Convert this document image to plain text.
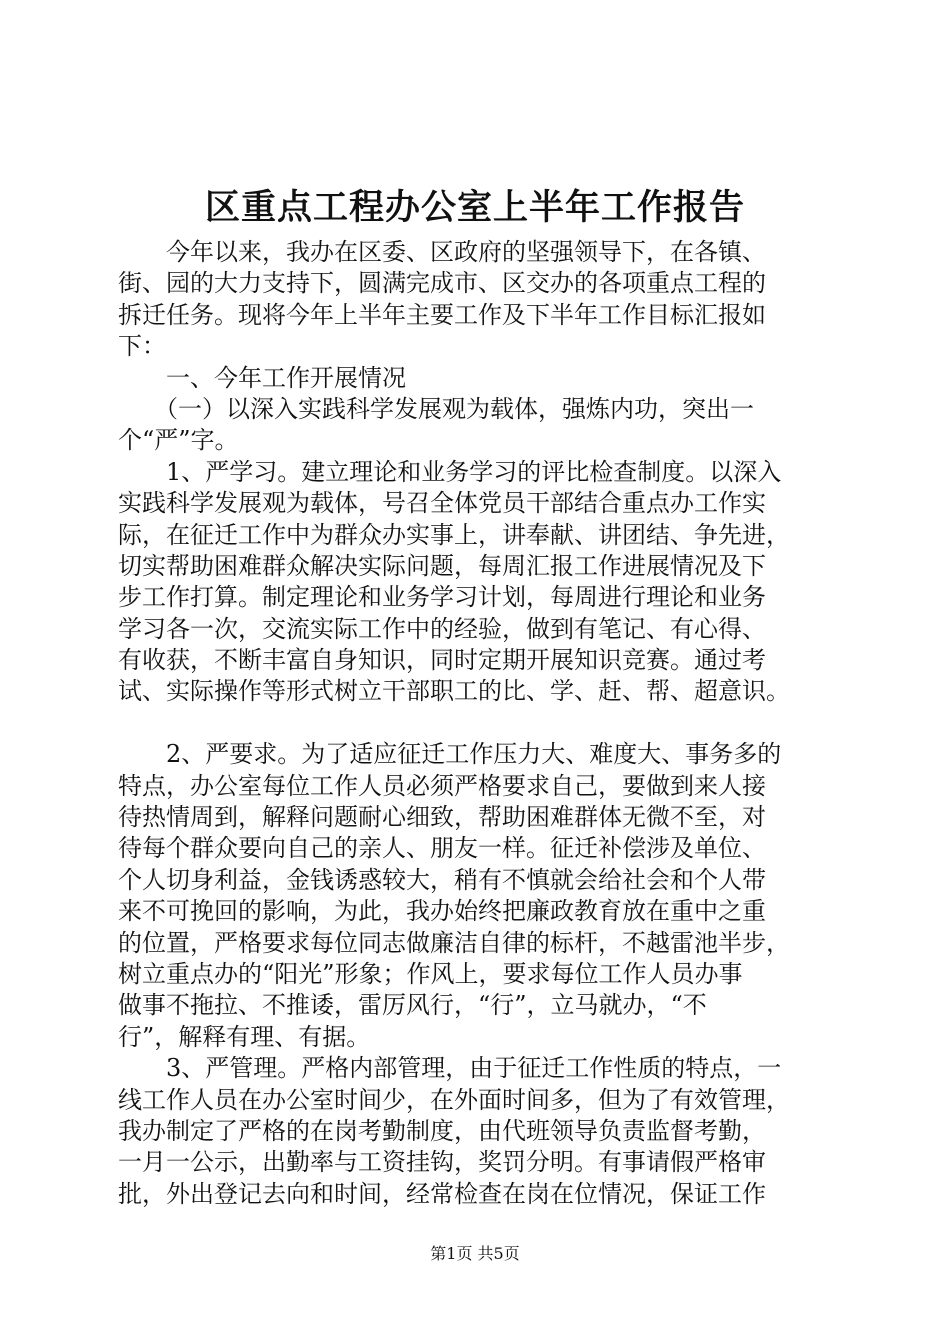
区重点工程办公室上半年工作报告
　　今年以来，我办在区委、区政府的坚强领导下，在各镇、
街、园的大力支持下，圆满完成市、区交办的各项重点工程的
拆迁任务。现将今年上半年主要工作及下半年工作目标汇报如
下：
　　一、今年工作开展情况
　　（一）以深入实践科学发展观为载体，强炼内功，突出一
个“严”字。
　　1、严学习。建立理论和业务学习的评比检查制度。以深入
实践科学发展观为载体，号召全体党员干部结合重点办工作实
际，在征迁工作中为群众办实事上，讲奉献、讲团结、争先进，
切实帮助困难群众解决实际问题，每周汇报工作进展情况及下
步工作打算。制定理论和业务学习计划，每周进行理论和业务
学习各一次，交流实际工作中的经验，做到有笔记、有心得、
有收获，不断丰富自身知识，同时定期开展知识竞赛。通过考
试、实际操作等形式树立干部职工的比、学、赶、帮、超意识。
　　2、严要求。为了适应征迁工作压力大、难度大、事务多的
特点，办公室每位工作人员必须严格要求自己，要做到来人接
待热情周到，解释问题耐心细致，帮助困难群体无微不至，对
待每个群众要向自己的亲人、朋友一样。征迁补偿涉及单位、
个人切身利益，金钱诱惑较大，稍有不慎就会给社会和个人带
来不可挽回的影响，为此，我办始终把廉政教育放在重中之重
的位置，严格要求每位同志做廉洁自律的标杆，不越雷池半步，
树立重点办的“阳光”形象；作风上，要求每位工作人员办事
做事不拖拉、不推诿，雷厉风行，“行”，立马就办，“不
行”，解释有理、有据。
　　3、严管理。严格内部管理，由于征迁工作性质的特点，一
线工作人员在办公室时间少，在外面时间多，但为了有效管理，
我办制定了严格的在岗考勤制度，由代班领导负责监督考勤，
一月一公示，出勤率与工资挂钩，奖罚分明。有事请假严格审
批，外出登记去向和时间，经常检查在岗在位情况，保证工作
第1页 共5页
